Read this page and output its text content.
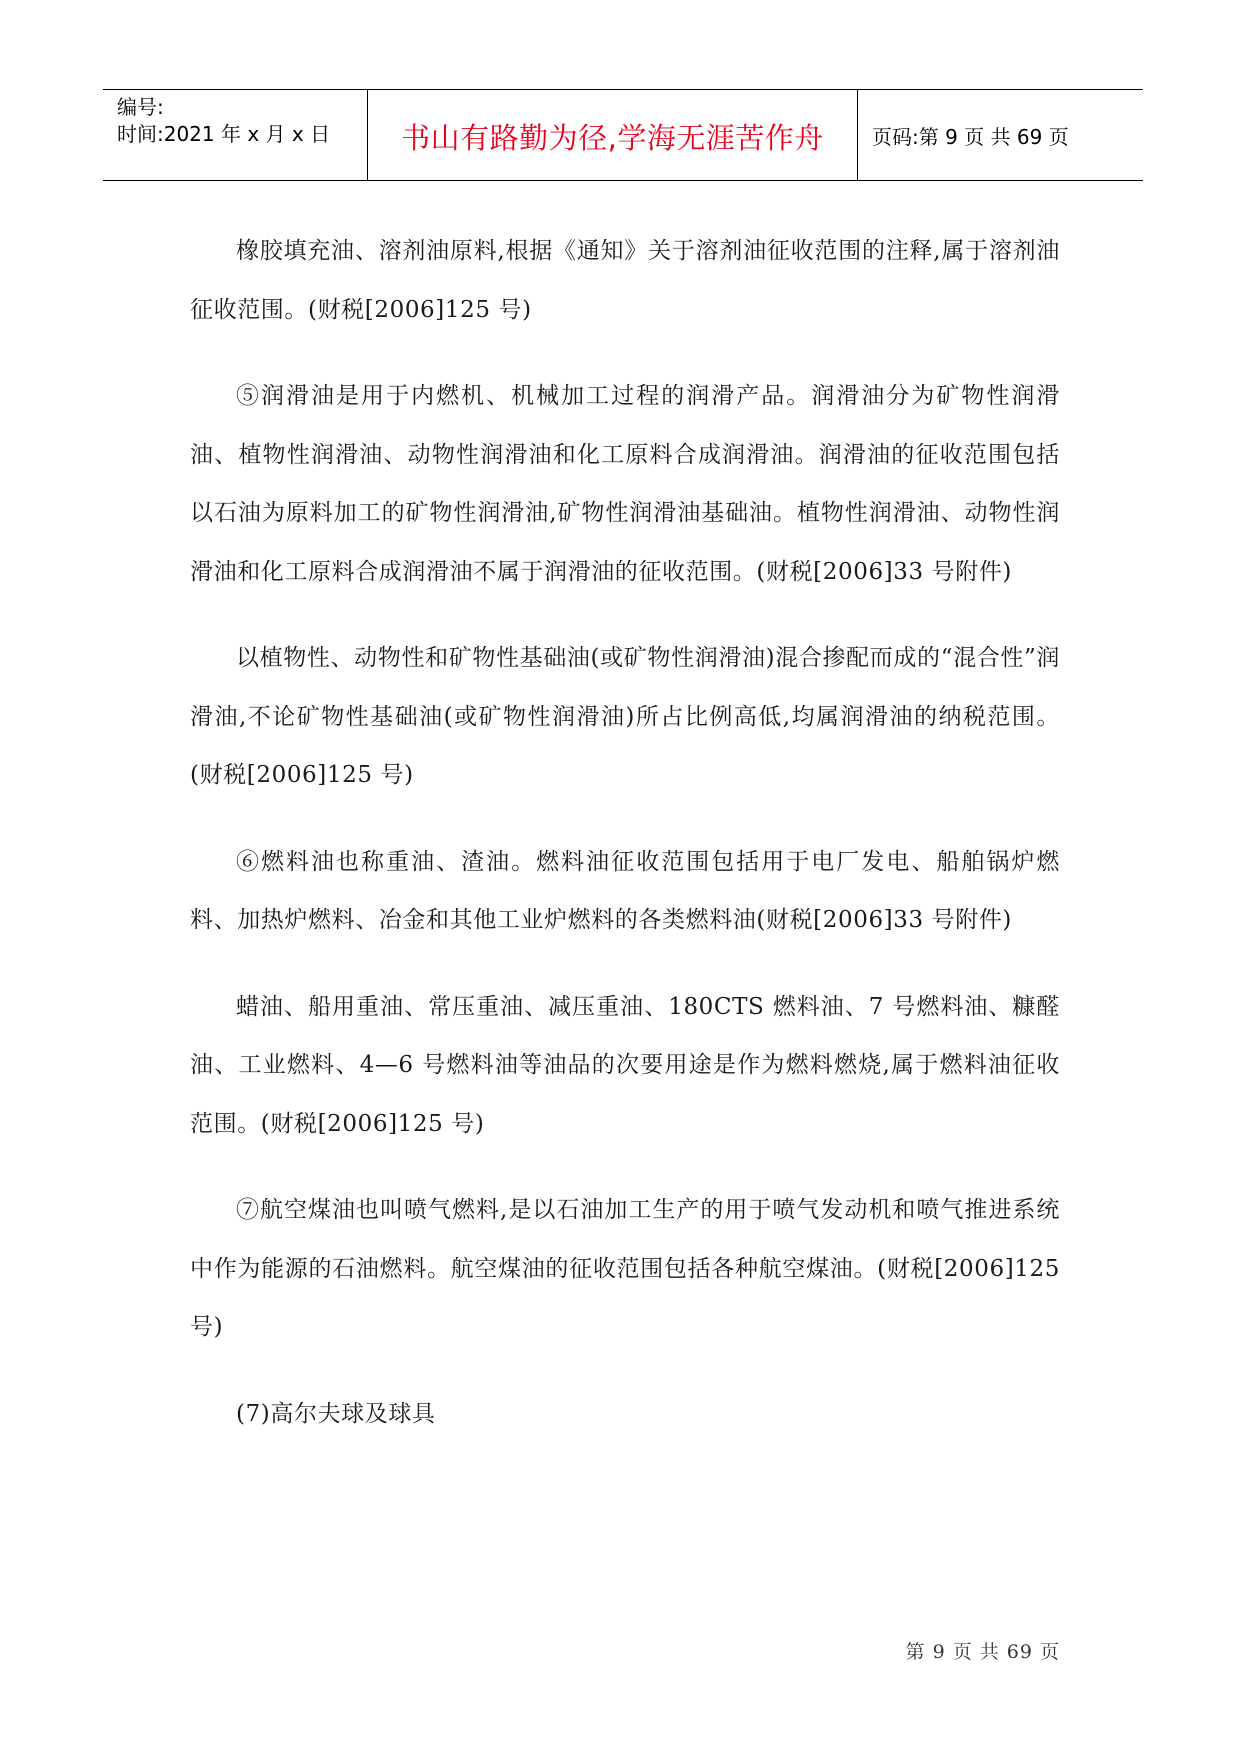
编号:
时间:2021 年 x 月 x 日	书山有路勤为径,学海无涯苦作舟 页码:第 9 页 共 69 页

橡胶填充油、溶剂油原料,根据《通知》关于溶剂油征收范围的注释,属于溶剂油征收范围。(财税[2006]125 号)

⑤润滑油是用于内燃机、机械加工过程的润滑产品。润滑油分为矿物性润滑油、植物性润滑油、动物性润滑油和化工原料合成润滑油。润滑油的征收范围包括以石油为原料加工的矿物性润滑油,矿物性润滑油基础油。植物性润滑油、动物性润滑油和化工原料合成润滑油不属于润滑油的征收范围。(财税[2006]33 号附件)

以植物性、动物性和矿物性基础油(或矿物性润滑油)混合掺配而成的“混合性”润滑油,不论矿物性基础油(或矿物性润滑油)所占比例高低,均属润滑油的纳税范围。(财税[2006]125 号)

⑥燃料油也称重油、渣油。燃料油征收范围包括用于电厂发电、船舶锅炉燃料、加热炉燃料、冶金和其他工业炉燃料的各类燃料油(财税[2006]33 号附件)

蜡油、船用重油、常压重油、减压重油、180CTS 燃料油、7 号燃料油、糠醛油、工业燃料、4—6 号燃料油等油品的次要用途是作为燃料燃烧,属于燃料油征收范围。(财税[2006]125 号)

⑦航空煤油也叫喷气燃料,是以石油加工生产的用于喷气发动机和喷气推进系统中作为能源的石油燃料。航空煤油的征收范围包括各种航空煤油。(财税[2006]125 号)

(7)高尔夫球及球具

第 9 页 共 69 页
